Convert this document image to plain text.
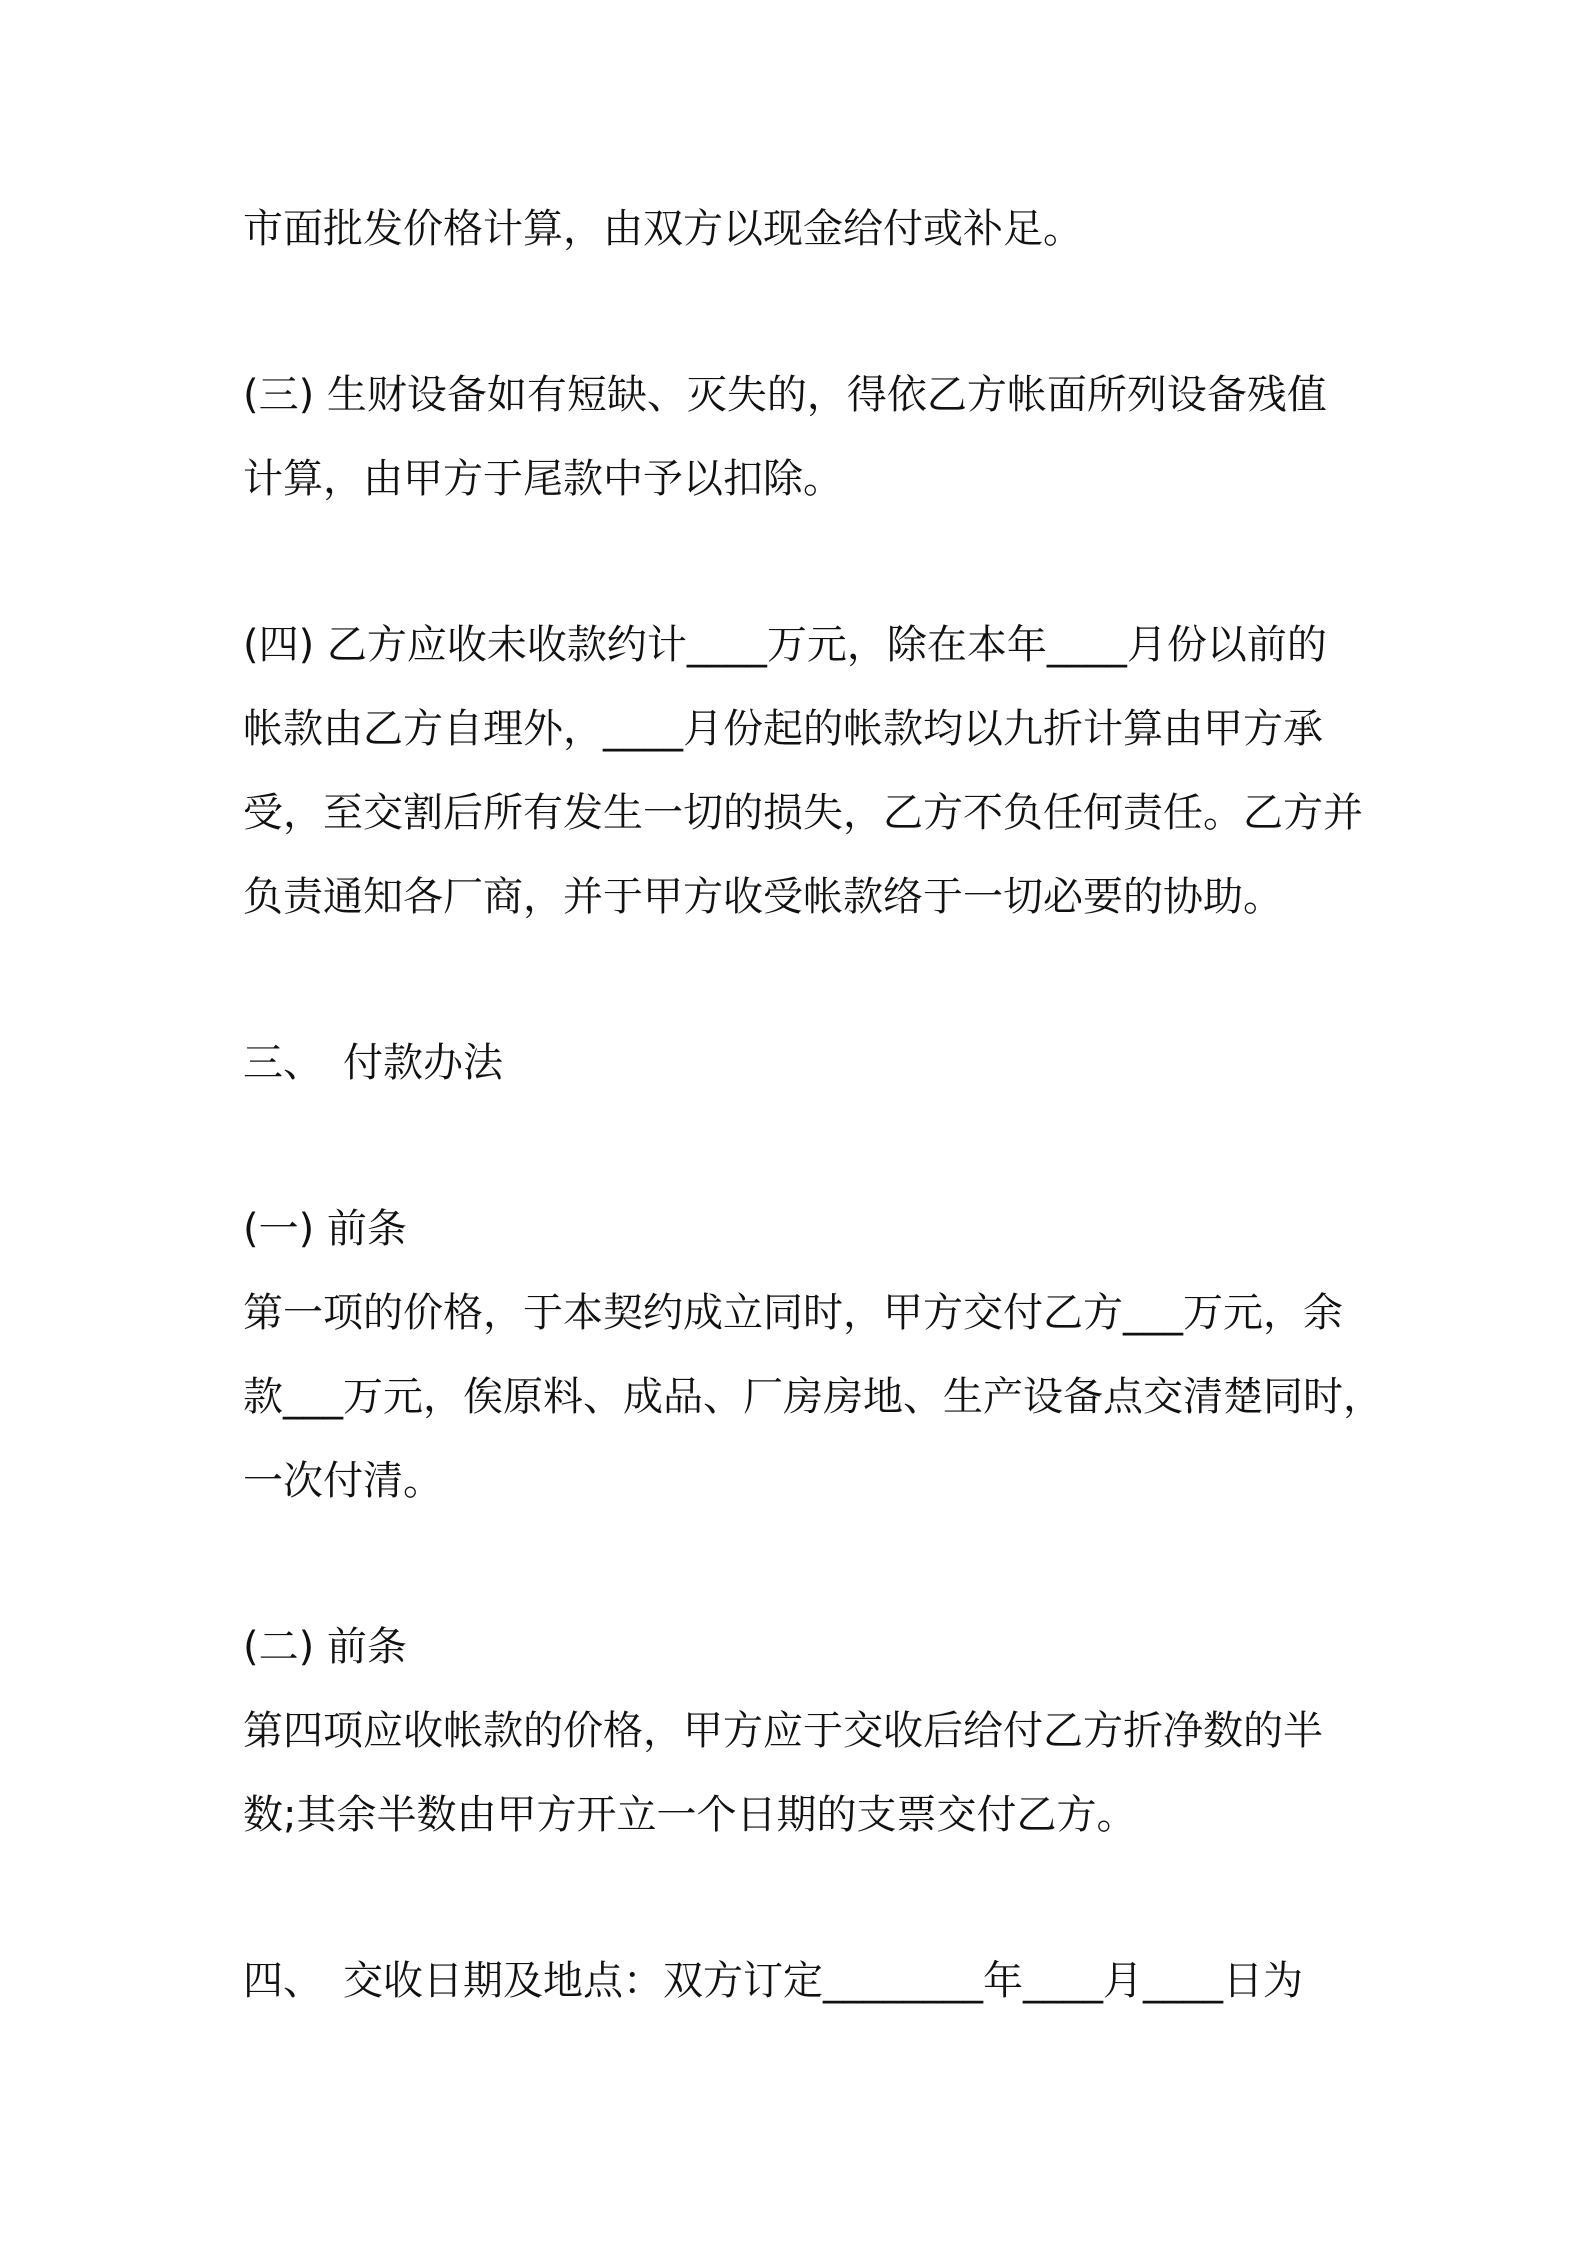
市面批发价格计算，由双方以现金给付或补足。
(三) 生财设备如有短缺、灭失的，得依乙方帐面所列设备残值
计算，由甲方于尾款中予以扣除。
(四) 乙方应收未收款约计____万元，除在本年____月份以前的
帐款由乙方自理外，____月份起的帐款均以九折计算由甲方承
受，至交割后所有发生一切的损失，乙方不负任何责任。乙方并
负责通知各厂商，并于甲方收受帐款络于一切必要的协助。
三、 付款办法
(一) 前条
第一项的价格，于本契约成立同时，甲方交付乙方___万元，余
款___万元，俟原料、成品、厂房房地、生产设备点交清楚同时，
一次付清。
(二) 前条
第四项应收帐款的价格，甲方应于交收后给付乙方折净数的半
数;其余半数由甲方开立一个日期的支票交付乙方。
四、 交收日期及地点：双方订定________年____月____日为
